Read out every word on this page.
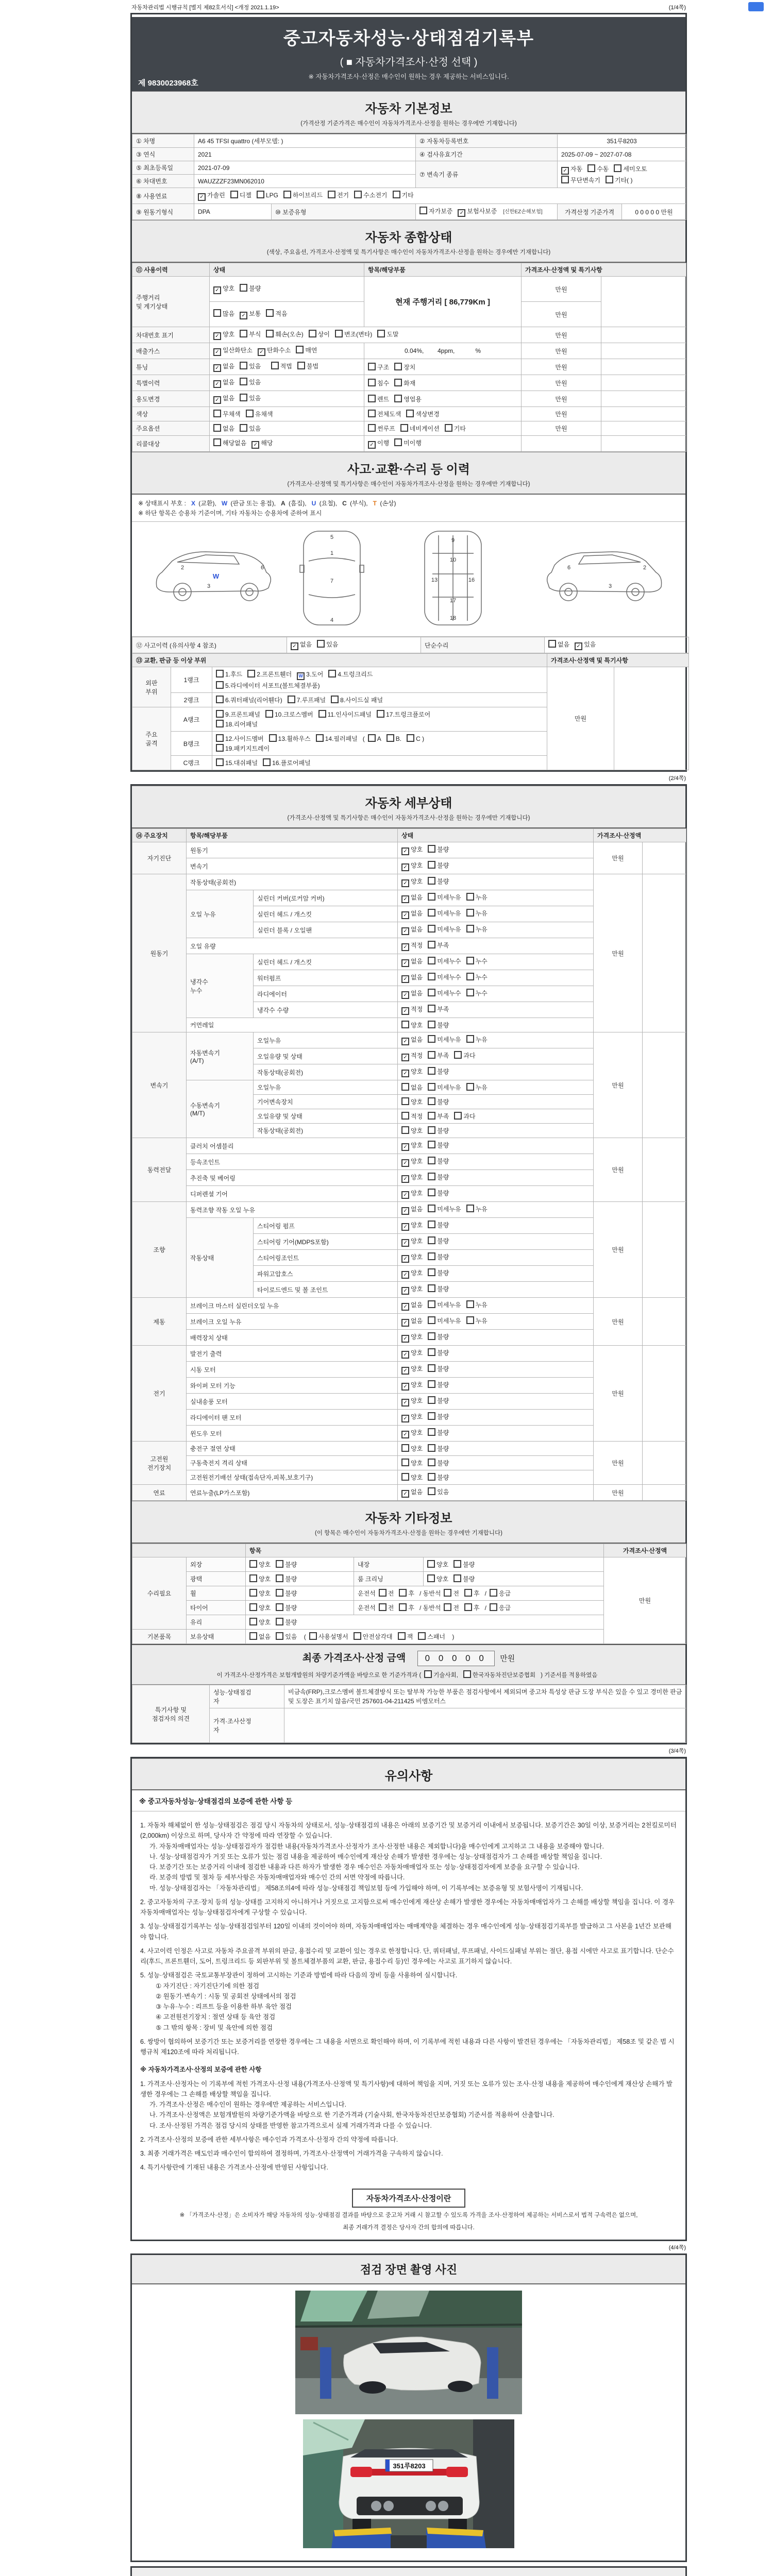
자동차관리법 시행규칙 [별지 제82호서식] <개정 2021.1.19>	(1/4쪽)
중고자동차성능·상태점검기록부
( ■ 자동차가격조사·산정 선택 )
※ 자동차가격조사·산정은 매수인이 원하는 경우 제공하는 서비스입니다.
제 9830023968호
자동차 기본정보
(가격산정 기준가격은 매수인이 자동차가격조사·산정을 원하는 경우에만 기재합니다)
① 차명	A6 45 TFSI quattro (세부모델: )		② 자동차등록번호	351루8203	
③ 연식	2021		④ 검사유효기간	2025-07-09 ~ 2027-07-08	
⑤ 최초등록일	2021-07-09		⑦ 변속기 종류	✓ 자동 수동 세미오토
무단변속기 기타( )	
⑥ 차대번호	WAUZZZF23MN062010				
⑧ 사용연료	✓ 가솔린 디젤 LPG 하이브리드 전기 수소전기 기타				
⑨ 원동기형식	DPA	⑩ 보증유형	자가보증 ✓ 보험사보증 [신한EZ손해보험]	가격산정 기준가격	0 0 0 0 0 만원
자동차 종합상태
(색상, 주요옵션, 가격조사·산정액 및 특기사항은 매수인이 자동차가격조사·산정을 원하는 경우에만 기재합니다)
⑪ 사용이력	상태	항목/해당부품	가격조사·산정액 및 특기사항	
주행거리
및 계기상태	✓ 양호 불량	현재 주행거리 [ 86,779Km ]	만원	
	많음 ✓ 보통 적음		만원	
차대번호 표기	✓ 양호 부식 훼손(오손) 상이 변조(변타) 도말		만원	
배출가스	✓ 일산화탄소 ✓ 탄화수소 매연	0.04%,        4ppm,            %	만원	
튜닝	✓ 없음 있음 적법 불법	구조 장치	만원	
특별이력	✓ 없음 있음	침수 화재	만원	
용도변경	✓ 없음 있음	렌트 영업용	만원	
색상	무채색 유채색	전체도색 색상변경	만원	
주요옵션	없음 있음	썬루프 네비게이션 기타	만원	
리콜대상	해당없음 ✓ 해당	✓ 이행 미이행		
사고·교환·수리 등 이력
(가격조사·산정액 및 특기사항은 매수인이 자동차가격조사·산정을 원하는 경우에만 기재합니다)
※ 상태표시 부호 : X (교환), W (판금 또는 용접), A (흠집), U (요철), C (부식), T (손상)
※ 하단 항목은 승용차 기준이며, 기타 자동차는 승용차에 준하여 표시
2
3
6
5
1
7
4
9
10
13	16
17
18
6
3
2
W
⑫ 사고이력 (유의사항 4 참조)	✓ 없음 있음	단순수리	없음 ✓ 있음
⑬ 교환, 판금 등 이상 부위			가격조사·산정액 및 특기사항	
외판
부위	1랭크	1.후드 2.프론트휀더 W 3.도어 4.트렁크리드
5.라디에이터 서포트(볼트체결부품)	만원	
	2랭크	6.쿼터패널(리어휀다) 7.루프패널 8.사이드실 패널		
주요
골격	A랭크	9.프론트패널 10.크로스멤버 11.인사이드패널 17.트렁크플로어
18.리어패널		
	B랭크	12.사이드멤버 13.휠하우스 14.필러패널 ( A B. C )
19.패키지트레이		
	C랭크	15.대쉬패널 16.플로어패널		
(2/4쪽)
자동차 세부상태
(가격조사·산정액 및 특기사항은 매수인이 자동차가격조사·산정을 원하는 경우에만 기재합니다)
⑭ 주요장치	항목/해당부품		상태	가격조사·산정액	
자기진단	원동기		✓ 양호 불량	만원	
	변속기		✓ 양호 불량		
원동기	작동상태(공회전)		✓ 양호 불량	만원	
	오일 누유	실린더 커버(로커암 커버)	✓ 없음 미세누유 누유		
		실린더 헤드 / 개스킷	✓ 없음 미세누유 누유		
		실린더 블록 / 오일팬	✓ 없음 미세누유 누유		
	오일 유량		✓ 적정 부족		
	냉각수
누수	실린더 헤드 / 개스킷	✓ 없음 미세누수 누수		
		워터펌프	✓ 없음 미세누수 누수		
		라디에이터	✓ 없음 미세누수 누수		
		냉각수 수량	✓ 적정 부족		
	커먼레일		양호 불량		
변속기	자동변속기
(A/T)	오일누유	✓ 없음 미세누유 누유	만원	
		오일유량 및 상태	✓ 적정 부족 과다		
		작동상태(공회전)	✓ 양호 불량		
	수동변속기
(M/T)	오일누유	없음 미세누유 누유		
		기어변속장치	양호 불량		
		오일유량 및 상태	적정 부족 과다		
		작동상태(공회전)	양호 불량		
동력전달	클러치 어셈블리		✓ 양호 불량	만원	
	등속조인트		✓ 양호 불량		
	추진축 및 베어링		✓ 양호 불량		
	디퍼렌셜 기어		✓ 양호 불량		
조향	동력조향 작동 오일 누유		✓ 없음 미세누유 누유	만원	
	작동상태	스티어링 펌프	✓ 양호 불량		
		스티어링 기어(MDPS포함)	✓ 양호 불량		
		스티어링조인트	✓ 양호 불량		
		파워고압호스	✓ 양호 불량		
		타이로드엔드 및 볼 조인트	✓ 양호 불량		
제동	브레이크 마스터 실린더오일 누유		✓ 없음 미세누유 누유	만원	
	브레이크 오일 누유		✓ 없음 미세누유 누유		
	배력장치 상태		✓ 양호 불량		
전기	발전기 출력		✓ 양호 불량	만원	
	시동 모터		✓ 양호 불량		
	와이퍼 모터 기능		✓ 양호 불량		
	실내송풍 모터		✓ 양호 불량		
	라디에이터 팬 모터		✓ 양호 불량		
	윈도우 모터		✓ 양호 불량		
고전원
전기장치	충전구 절연 상태		양호 불량	만원	
	구동축전지 격리 상태		양호 불량		
	고전원전기배선 상태(접속단자,피복,보호기구)		양호 불량		
연료	연료누출(LP가스포함)		✓ 없음 있음	만원	
자동차 기타정보
(이 항목은 매수인이 자동차가격조사·산정을 원하는 경우에만 기재합니다)
		항목			가격조사·산정액
수리필요	외장	양호 불량	내장	양호 불량	만원
	광택	양호 불량	룸 크리닝	양호 불량	
	휠	양호 불량	운전석 전 후 / 동반석 전 후 / 응급		
	타이어	양호 불량	운전석 전 후 / 동반석 전 후 / 응급		
	유리	양호 불량			
기본품목	보유상태	없음 있음 ( 사용설명서 안전삼각대 잭 스패너 )			
최종 가격조사·산정 금액 0 0 0 0 0 만원
이 가격조사·산정가격은 보험개발원의 차량기준가액을 바탕으로 한 기준가격과 ( 기술사회, 한국자동차진단보증협회 ) 기준서를 적용하였음
특기사항 및
점검자의 의견	성능·상태점검
자	비금속(FRP),크로스멤버 볼트체결방식 또는 탈부착 가능한 부품은 점검사항에서 제외되며 중고차 특성상 판금 도장 부식은 있을 수 있고 경미한 판금 및 도장은 표기치 않음/국민 257601-04-211425 비엠모터스
	가격·조사산정
자	
(3/4쪽)
유의사항
※ 중고자동차성능·상태점검의 보증에 관한 사항 등
1. 자동차 해체없이 한 성능·상태점검은 점검 당시 자동차의 상태로서, 성능·상태점검의 내용은 아래의 보증기간 및 보증거리 이내에서 보증됩니다. 보증기간은 30일 이상, 보증거리는 2천킬로미터(2,000km) 이상으로 하며, 당사자 간 약정에 따라 연장할 수 있습니다.
가. 자동차매매업자는 성능·상태점검자가 점검한 내용(자동차가격조사·산정자가 조사·산정한 내용은 제외합니다)을 매수인에게 고지하고 그 내용을 보증해야 합니다.
나. 성능·상태점검자가 거짓 또는 오류가 있는 점검 내용을 제공하여 매수인에게 재산상 손해가 발생한 경우에는 성능·상태점검자가 그 손해를 배상할 책임을 집니다.
다. 보증기간 또는 보증거리 이내에 점검한 내용과 다른 하자가 발생한 경우 매수인은 자동차매매업자 또는 성능·상태점검자에게 보증을 요구할 수 있습니다.
라. 보증의 방법 및 절차 등 세부사항은 자동차매매업자와 매수인 간의 서면 약정에 따릅니다.
마. 성능·상태점검자는 「자동차관리법」 제58조의4에 따라 성능·상태점검 책임보험 등에 가입해야 하며, 이 기록부에는 보증유형 및 보험사명이 기재됩니다.
2. 중고자동차의 구조·장치 등의 성능·상태를 고지하지 아니하거나 거짓으로 고지함으로써 매수인에게 재산상 손해가 발생한 경우에는 자동차매매업자가 그 손해를 배상할 책임을 집니다. 이 경우 자동차매매업자는 성능·상태점검자에게 구상할 수 있습니다.
3. 성능·상태점검기록부는 성능·상태점검일부터 120일 이내의 것이어야 하며, 자동차매매업자는 매매계약을 체결하는 경우 매수인에게 성능·상태점검기록부를 발급하고 그 사본을 1년간 보관해야 합니다.
4. 사고이력 인정은 사고로 자동차 주요골격 부위의 판금, 용접수리 및 교환이 있는 경우로 한정합니다. 단, 쿼터패널, 루프패널, 사이드실패널 부위는 절단, 용접 시에만 사고로 표기합니다. 단순수리(후드, 프론트휀더, 도어, 트렁크리드 등 외판부위 및 볼트체결부품의 교환, 판금, 용접수리 등)인 경우에는 사고로 표기하지 않습니다.
5. 성능·상태점검은 국토교통부장관이 정하여 고시하는 기준과 방법에 따라 다음의 장비 등을 사용하여 실시합니다.
① 자기진단 : 자기진단기에 의한 점검
② 원동기·변속기 : 시동 및 공회전 상태에서의 점검
③ 누유·누수 : 리프트 등을 이용한 하부 육안 점검
④ 고전원전기장치 : 절연 상태 등 육안 점검
⑤ 그 밖의 항목 : 장비 및 육안에 의한 점검
6. 쌍방이 협의하여 보증기간 또는 보증거리를 연장한 경우에는 그 내용을 서면으로 확인해야 하며, 이 기록부에 적힌 내용과 다른 사항이 발견된 경우에는 「자동차관리법」 제58조 및 같은 법 시행규칙 제120조에 따라 처리됩니다.
※ 자동차가격조사·산정의 보증에 관한 사항
1. 가격조사·산정자는 이 기록부에 적힌 가격조사·산정 내용(가격조사·산정액 및 특기사항)에 대하여 책임을 지며, 거짓 또는 오류가 있는 조사·산정 내용을 제공하여 매수인에게 재산상 손해가 발생한 경우에는 그 손해를 배상할 책임을 집니다.
가. 가격조사·산정은 매수인이 원하는 경우에만 제공하는 서비스입니다.
나. 가격조사·산정액은 보험개발원의 차량기준가액을 바탕으로 한 기준가격과 (기술사회, 한국자동차진단보증협회) 기준서를 적용하여 산출합니다.
다. 조사·산정된 가격은 점검 당시의 상태를 반영한 참고가격으로서 실제 거래가격과 다를 수 있습니다.
2. 가격조사·산정의 보증에 관한 세부사항은 매수인과 가격조사·산정자 간의 약정에 따릅니다.
3. 최종 거래가격은 매도인과 매수인이 합의하여 결정하며, 가격조사·산정액이 거래가격을 구속하지 않습니다.
4. 특기사항란에 기재된 내용은 가격조사·산정에 반영된 사항입니다.
자동차가격조사·산정이란
※ 「가격조사·산정」은 소비자가 해당 자동차의 성능·상태점검 결과를 바탕으로 중고차 거래 시 참고할 수 있도록 가격을 조사·산정하여 제공하는 서비스로서 법적 구속력은 없으며,
최종 거래가격 결정은 당사자 간의 합의에 따릅니다.
(4/4쪽)
점검 장면 촬영 사진
351루8203
